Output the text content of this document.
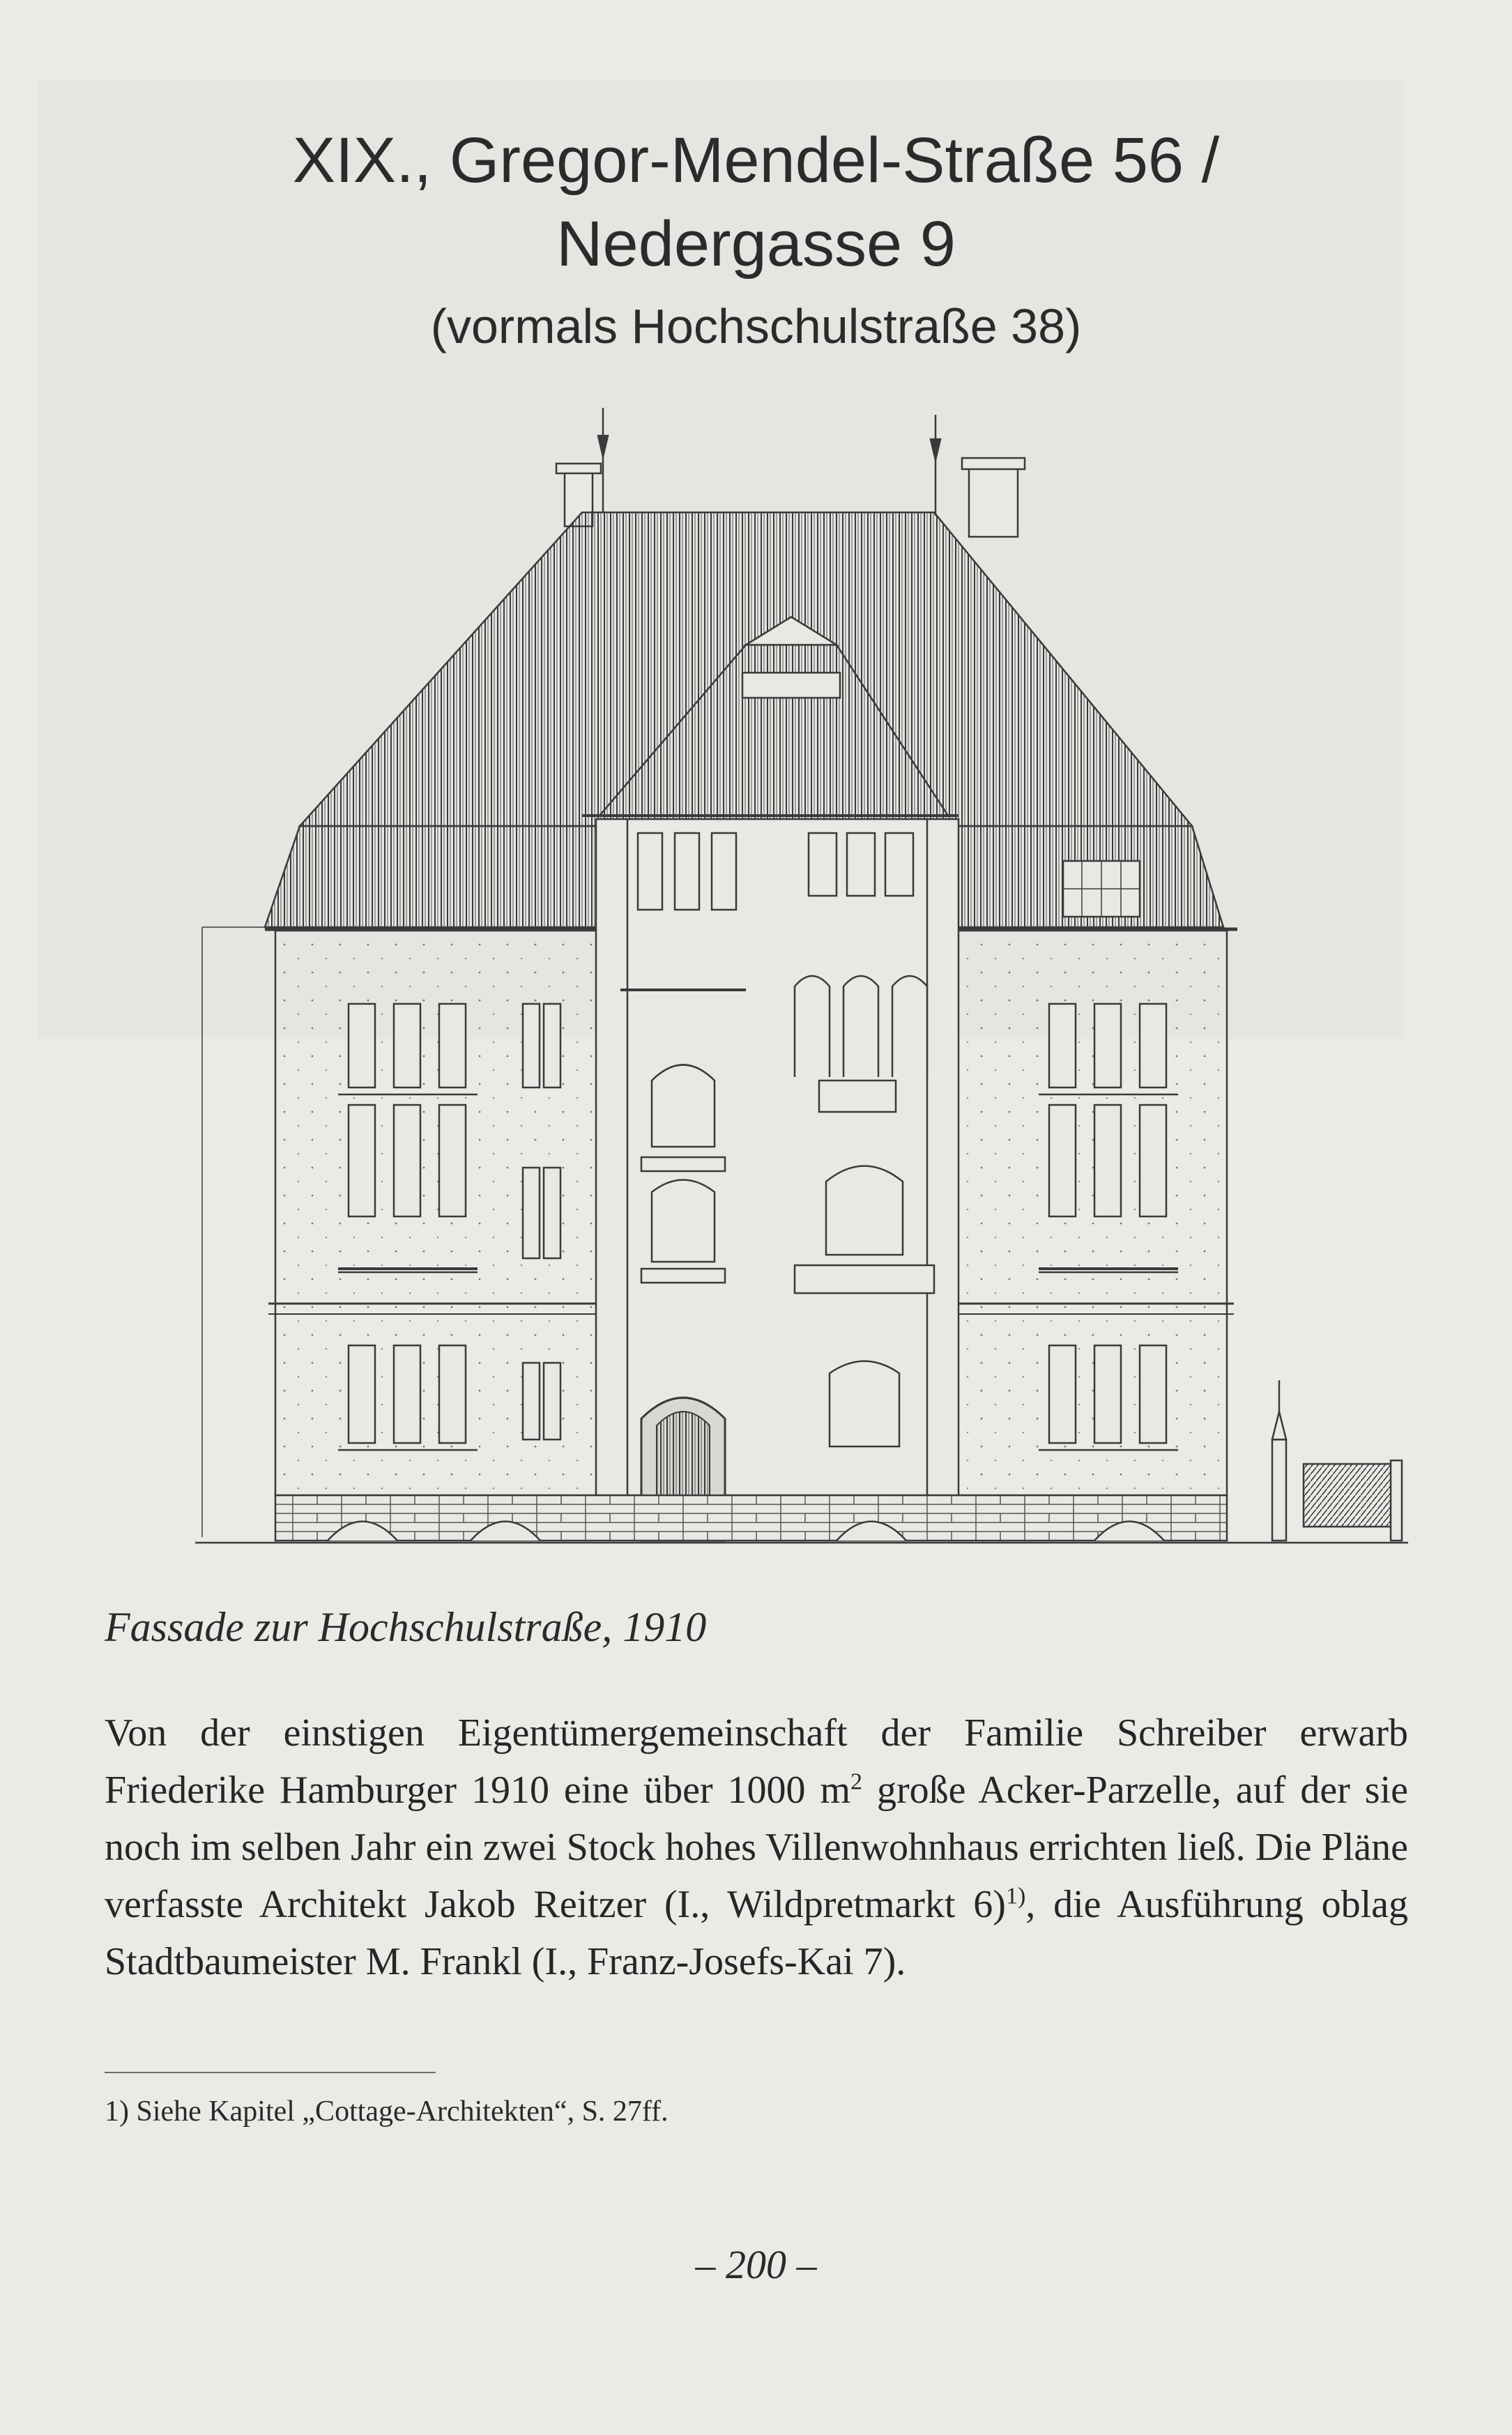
XIX., Gregor-Mendel-Straße 56 /
Nedergasse 9
(vormals Hochschulstraße 38)
Fassade zur Hochschulstraße, 1910
Von der einstigen Eigentümergemeinschaft der Familie Schreiber erwarb Friederike Hamburger 1910 eine über 1000 $m^2$ große Acker-Parzelle, auf der sie noch im selben Jahr ein zwei Stock hohes Villenwohnhaus errichten ließ. Die Pläne verfasste Architekt Jakob Reitzer (I., Wildpretmarkt 6)$^{1)}$, die Ausführung oblag Stadtbaumeister M. Frankl (I., Franz-Josefs-Kai 7).
1) Siehe Kapitel „Cottage-Architekten“, S. 27ff.
– 200 –
